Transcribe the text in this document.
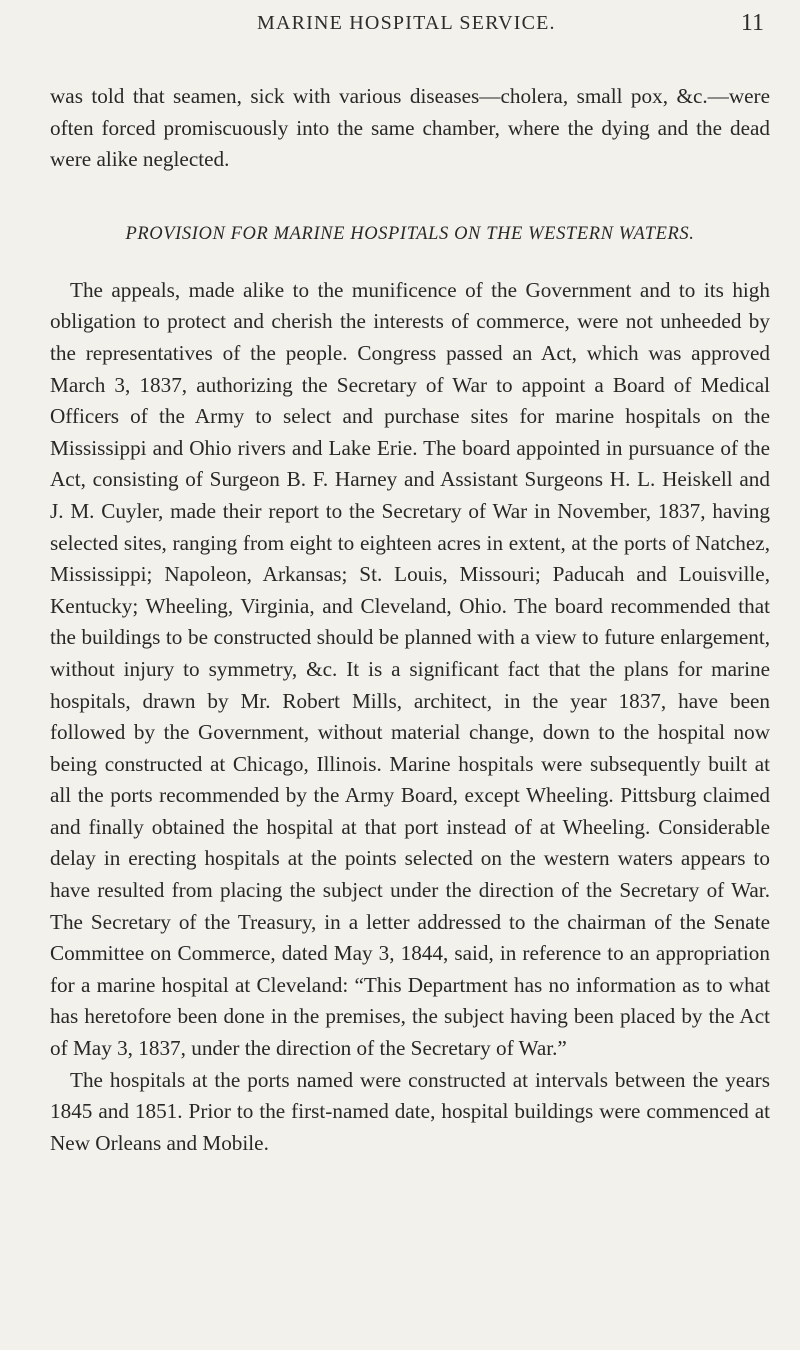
MARINE HOSPITAL SERVICE.	11

was told that seamen, sick with various diseases—cholera, small pox, &c.—were often forced promiscuously into the same chamber, where the dying and the dead were alike neglected.

PROVISION FOR MARINE HOSPITALS ON THE WESTERN WATERS.

The appeals, made alike to the munificence of the Government and to its high obligation to protect and cherish the interests of commerce, were not unheeded by the representatives of the people. Congress passed an Act, which was approved March 3, 1837, authorizing the Secretary of War to appoint a Board of Medical Officers of the Army to select and purchase sites for marine hospitals on the Mississippi and Ohio rivers and Lake Erie. The board appointed in pursuance of the Act, consisting of Surgeon B. F. Harney and Assistant Surgeons H. L. Heiskell and J. M. Cuyler, made their report to the Secretary of War in November, 1837, having selected sites, ranging from eight to eighteen acres in extent, at the ports of Natchez, Mississippi; Napoleon, Arkansas; St. Louis, Missouri; Paducah and Louisville, Kentucky; Wheeling, Virginia, and Cleveland, Ohio. The board recommended that the buildings to be constructed should be planned with a view to future enlargement, without injury to symmetry, &c. It is a significant fact that the plans for marine hospitals, drawn by Mr. Robert Mills, architect, in the year 1837, have been followed by the Government, without material change, down to the hospital now being constructed at Chicago, Illinois. Marine hospitals were subsequently built at all the ports recommended by the Army Board, except Wheeling. Pittsburg claimed and finally obtained the hospital at that port instead of at Wheeling. Considerable delay in erecting hospitals at the points selected on the western waters appears to have resulted from placing the subject under the direction of the Secretary of War. The Secretary of the Treasury, in a letter addressed to the chairman of the Senate Committee on Commerce, dated May 3, 1844, said, in reference to an appropriation for a marine hospital at Cleveland: “This Department has no information as to what has heretofore been done in the premises, the subject having been placed by the Act of May 3, 1837, under the direction of the Secretary of War.”

The hospitals at the ports named were constructed at intervals between the years 1845 and 1851. Prior to the first-named date, hospital buildings were commenced at New Orleans and Mobile.
